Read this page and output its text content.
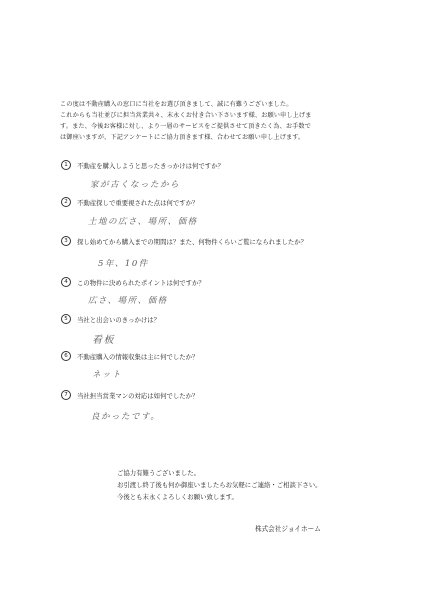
この度は不動産購入の窓口に当社をお選び頂きまして、誠に有難うございました。
これからも当社並びに担当営業共々、末永くお付き合い下さいます様、お願い申し上げま
す。また、今後お客様に対し、より一層のサービスをご提供させて頂きたく為、お手数で
は御座いますが、下記アンケートにご協力頂きます様、合わせてお願い申し上げます。
1	不動産を購入しようと思ったきっかけは何ですか？
家が古くなったから
2	不動産探しで重要視された点は何ですか？
土地の広さ、場所、価格
3	探し始めてから購入までの期間は？また、何物件くらいご覧になられましたか？
5年、10件
4	この物件に決められたポイントは何ですか？
広さ、場所、価格
5	当社と出会いのきっかけは？
看板
6	不動産購入の情報収集は主に何でしたか？
ネット
7	当社担当営業マンの対応は如何でしたか？
良かったです。
ご協力有難うございました。
お引渡し終了後も何か御座いましたらお気軽にご連絡・ご相談下さい。
今後とも末永くよろしくお願い致します。
株式会社ジョイホーム
